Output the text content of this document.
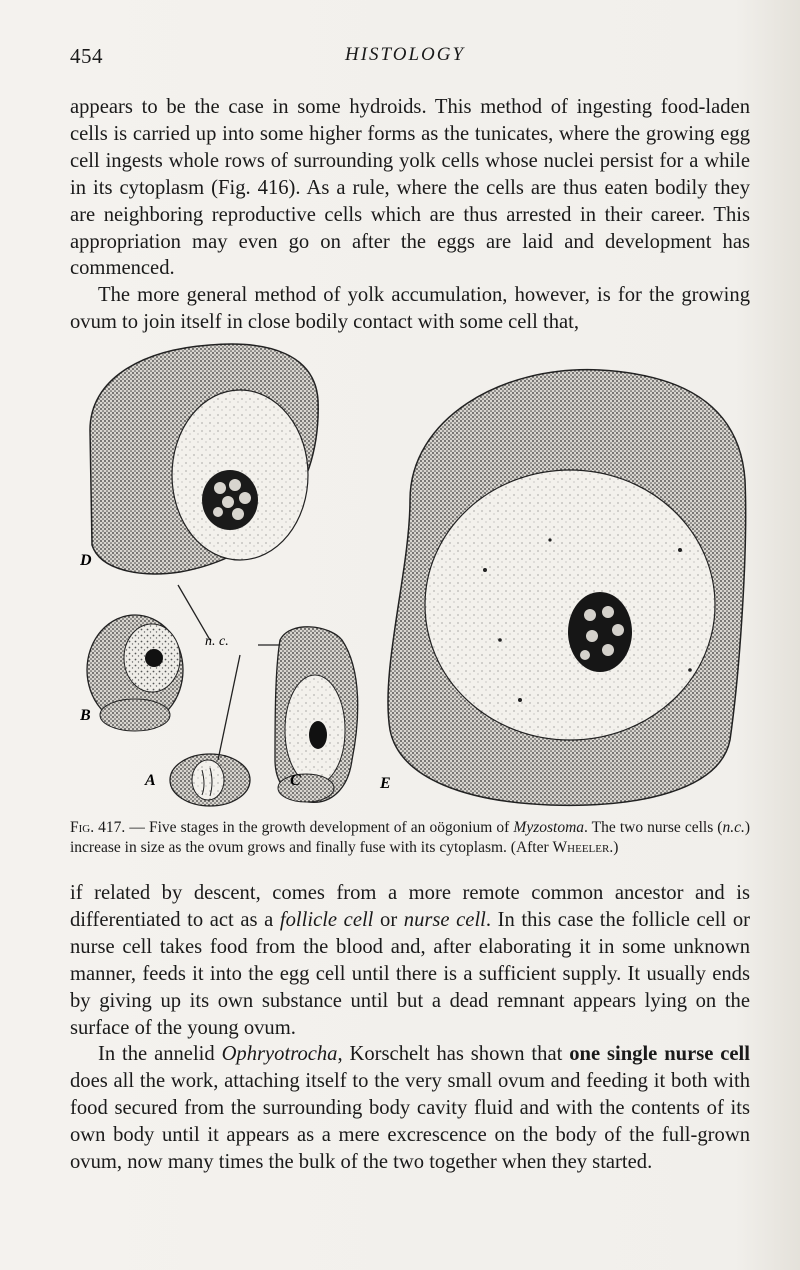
454	HISTOLOGY

appears to be the case in some hydroids. This method of ingesting food-laden cells is carried up into some higher forms as the tunicates, where the growing egg cell ingests whole rows of surrounding yolk cells whose nuclei persist for a while in its cytoplasm (Fig. 416). As a rule, where the cells are thus eaten bodily they are neighboring reproductive cells which are thus arrested in their career. This appropriation may even go on after the eggs are laid and development has commenced.

The more general method of yolk accumulation, however, is for the growing ovum to join itself in close bodily contact with some cell that,

D
B
A	C	E
n. c.
Fig. 417. — Five stages in the growth development of an oögonium of Myzostoma. The two nurse cells (n.c.) increase in size as the ovum grows and finally fuse with its cytoplasm. (After Wheeler.)

if related by descent, comes from a more remote common ancestor and is differentiated to act as a follicle cell or nurse cell. In this case the follicle cell or nurse cell takes food from the blood and, after elaborating it in some unknown manner, feeds it into the egg cell until there is a sufficient supply. It usually ends by giving up its own substance until but a dead remnant appears lying on the surface of the young ovum.

In the annelid Ophryotrocha, Korschelt has shown that one single nurse cell does all the work, attaching itself to the very small ovum and feeding it both with food secured from the surrounding body cavity fluid and with the contents of its own body until it appears as a mere excrescence on the body of the full-grown ovum, now many times the bulk of the two together when they started.
